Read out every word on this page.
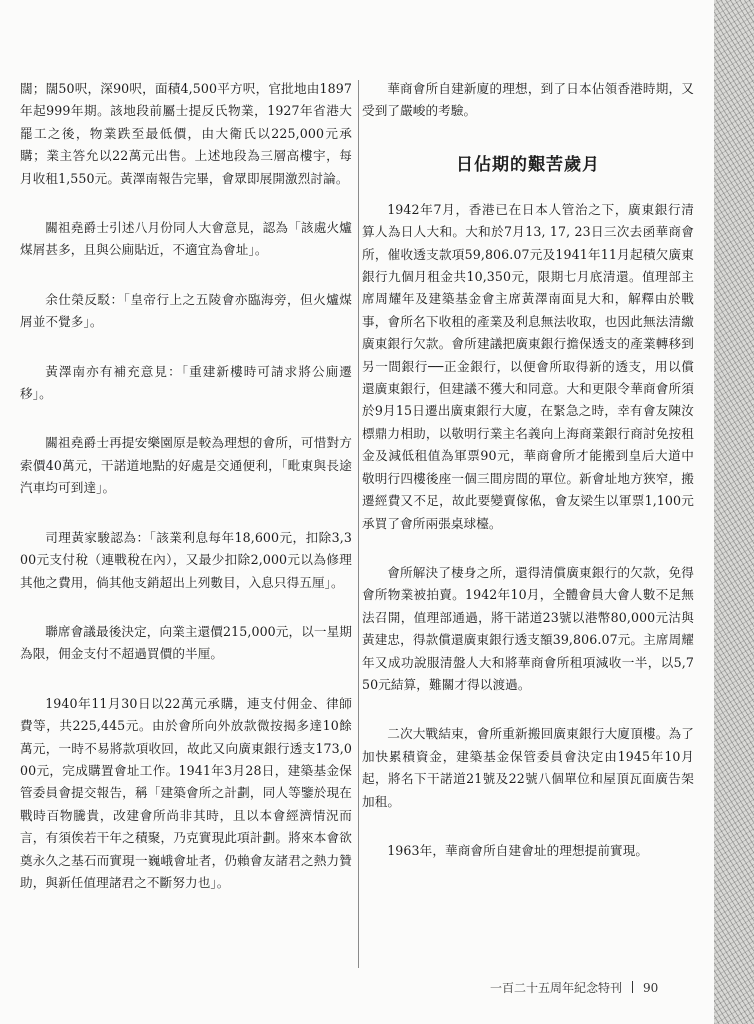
闊；闊50呎，深90呎，面積4,500平方呎，官批地由1897年起999年期。該地段前屬士提反氏物業，1927年省港大罷工之後，物業跌至最低價，由大衛氏以225,000元承購；業主答允以22萬元出售。上述地段為三層高樓宇，每月收租1,550元。黃澤南報告完畢，會眾即展開激烈討論。

關祖堯爵士引述八月份同人大會意見，認為「該處火爐煤屑甚多，且與公廁貼近，不適宜為會址」。

余仕榮反駁：「皇帝行上之五陵會亦臨海旁，但火爐煤屑並不覺多」。

黃澤南亦有補充意見：「重建新樓時可請求將公廁遷移」。

關祖堯爵士再提安樂園原是較為理想的會所，可惜對方索價40萬元，干諾道地點的好處是交通便利，「毗東與長途汽車均可到達」。

司理黃家駿認為：「該業利息每年18,600元，扣除3,300元支付稅（連戰稅在內），又最少扣除2,000元以為修理其他之費用，倘其他支銷超出上列數目，入息只得五厘」。

聯席會議最後決定，向業主還價215,000元，以一星期為限，佣金支付不超過買價的半厘。

1940年11月30日以22萬元承購，連支付佣金、律師費等，共225,445元。由於會所向外放款微按揭多達10餘萬元，一時不易將款項收回，故此又向廣東銀行透支173,000元，完成購置會址工作。1941年3月28日，建築基金保管委員會提交報告，稱「建築會所之計劃，同人等鑒於現在戰時百物騰貴，改建會所尚非其時，且以本會經濟情況而言，有須俟若干年之積聚，乃克實現此項計劃。將來本會欲奠永久之基石而實現一巍峨會址者，仍賴會友諸君之熱力贊助，與新任值理諸君之不斷努力也」。

華商會所自建新廈的理想，到了日本佔領香港時期，又受到了嚴峻的考驗。

日佔期的艱苦歲月

1942年7月，香港已在日本人管治之下，廣東銀行清算人為日人大和。大和於7月13, 17, 23日三次去函華商會所，催收透支款項59,806.07元及1941年11月起積欠廣東銀行九個月租金共10,350元，限期七月底清還。值理部主席周耀年及建築基金會主席黃澤南面見大和，解釋由於戰事，會所名下收租的產業及利息無法收取，也因此無法清繳廣東銀行欠款。會所建議把廣東銀行擔保透支的產業轉移到另一間銀行──正金銀行，以便會所取得新的透支，用以償還廣東銀行，但建議不獲大和同意。大和更限令華商會所須於9月15日遷出廣東銀行大廈，在緊急之時，幸有會友陳汝標鼎力相助，以敬明行業主名義向上海商業銀行商討免按租金及減低租值為軍票90元，華商會所才能搬到皇后大道中敬明行四樓後座一個三間房間的單位。新會址地方狹窄，搬遷經費又不足，故此要變賣傢俬，會友梁生以軍票1,100元承買了會所兩張桌球檯。

會所解決了棲身之所，還得清償廣東銀行的欠款，免得會所物業被拍賣。1942年10月，全體會員大會人數不足無法召開，值理部通過，將干諾道23號以港幣80,000元沽與黃建忠，得款償還廣東銀行透支額39,806.07元。主席周耀年又成功說服清盤人大和將華商會所租項減收一半，以5,750元結算，難關才得以渡過。

二次大戰結束，會所重新搬回廣東銀行大廈頂樓。為了加快累積資金，建築基金保管委員會決定由1945年10月起，將名下干諾道21號及22號八個單位和屋頂瓦面廣告架加租。

1963年，華商會所自建會址的理想提前實現。

一百二十五周年紀念特刊 90
